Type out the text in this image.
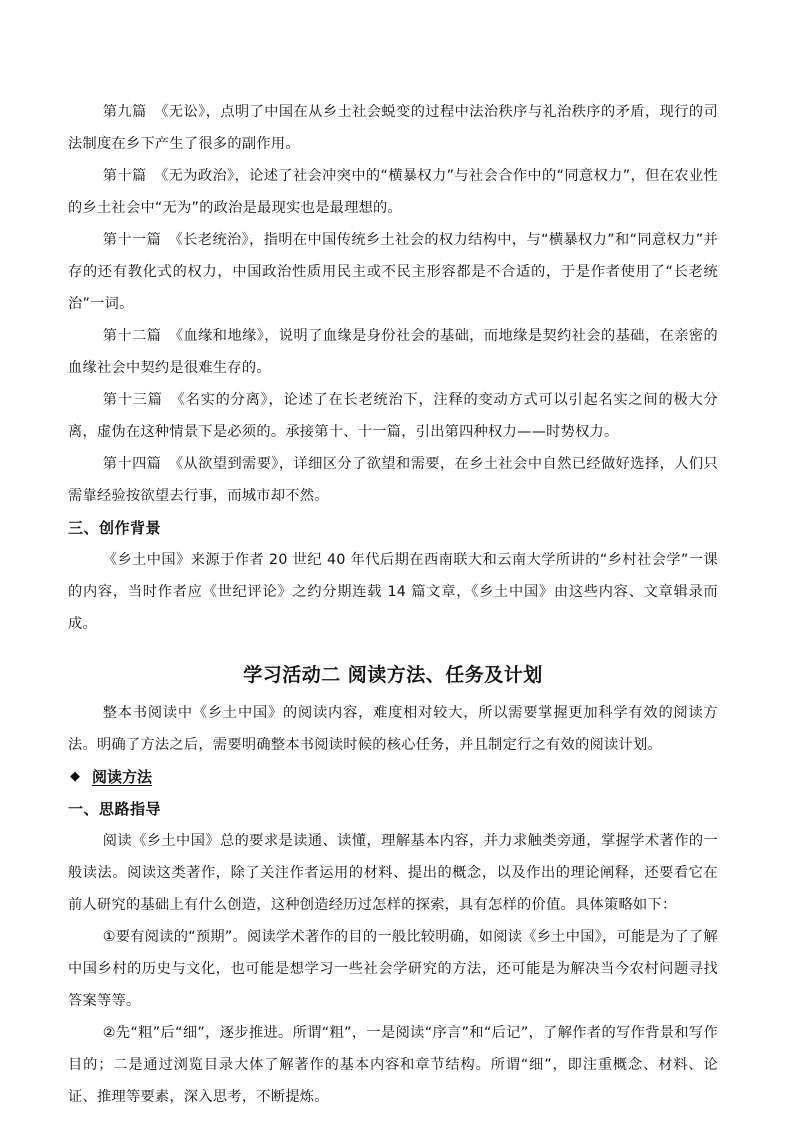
第九篇　《无讼》，点明了中国在从乡土社会蜕变的过程中法治秩序与礼治秩序的矛盾，现行的司法制度在乡下产生了很多的副作用。

第十篇　《无为政治》，论述了社会冲突中的“横暴权力”与社会合作中的“同意权力”，但在农业性的乡土社会中“无为”的政治是最现实也是最理想的。

第十一篇　《长老统治》，指明在中国传统乡土社会的权力结构中，与“横暴权力”和“同意权力”并存的还有教化式的权力，中国政治性质用民主或不民主形容都是不合适的，于是作者使用了“长老统治”一词。

第十二篇　《血缘和地缘》，说明了血缘是身份社会的基础，而地缘是契约社会的基础，在亲密的血缘社会中契约是很难生存的。

第十三篇　《名实的分离》，论述了在长老统治下，注释的变动方式可以引起名实之间的极大分离，虚伪在这种情景下是必须的。承接第十、十一篇，引出第四种权力——时势权力。

第十四篇　《从欲望到需要》，详细区分了欲望和需要，在乡土社会中自然已经做好选择，人们只需靠经验按欲望去行事，而城市却不然。

三、创作背景

《乡土中国》来源于作者 20 世纪 40 年代后期在西南联大和云南大学所讲的“乡村社会学”一课的内容，当时作者应《世纪评论》之约分期连载 14 篇文章，《乡土中国》由这些内容、文章辑录而成。

学习活动二 阅读方法、任务及计划

整本书阅读中《乡土中国》的阅读内容，难度相对较大，所以需要掌握更加科学有效的阅读方法。明确了方法之后，需要明确整本书阅读时候的核心任务，并且制定行之有效的阅读计划。

◆ 阅读方法

一、思路指导

阅读《乡土中国》总的要求是读通、读懂，理解基本内容，并力求触类旁通，掌握学术著作的一般读法。阅读这类著作，除了关注作者运用的材料、提出的概念，以及作出的理论阐释，还要看它在前人研究的基础上有什么创造，这种创造经历过怎样的探索，具有怎样的价值。具体策略如下：

①要有阅读的“预期”。阅读学术著作的目的一般比较明确，如阅读《乡土中国》，可能是为了了解中国乡村的历史与文化，也可能是想学习一些社会学研究的方法，还可能是为解决当今农村问题寻找答案等等。

②先“粗”后“细”，逐步推进。所谓“粗”，一是阅读“序言”和“后记”，了解作者的写作背景和写作目的；二是通过浏览目录大体了解著作的基本内容和章节结构。所谓“细”，即注重概念、材料、论证、推理等要素，深入思考，不断提炼。
